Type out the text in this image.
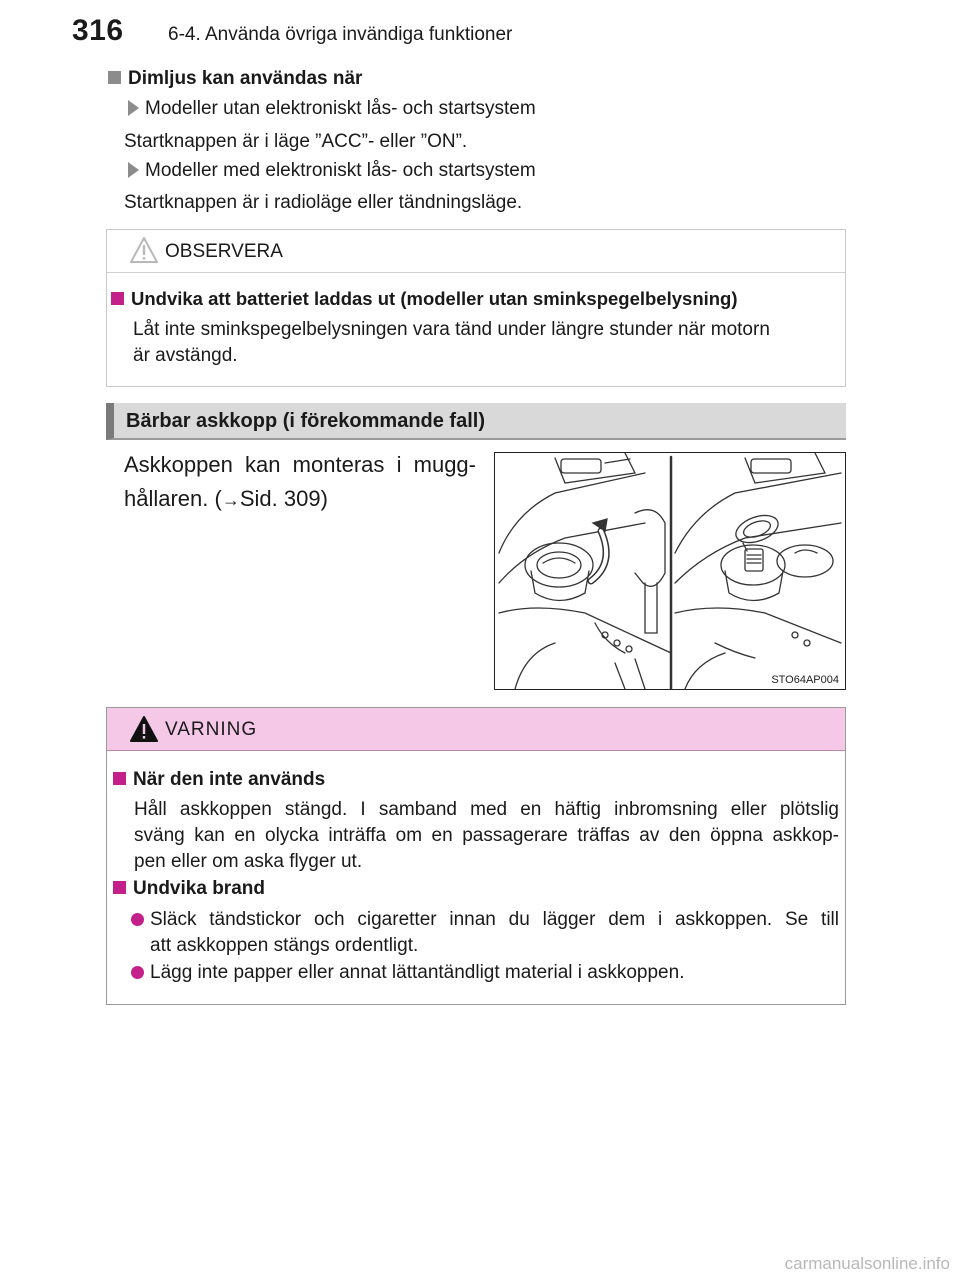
316 6-4. Använda övriga invändiga funktioner
Dimljus kan användas när
Modeller utan elektroniskt lås- och startsystem
Startknappen är i läge ”ACC”- eller ”ON”.
Modeller med elektroniskt lås- och startsystem
Startknappen är i radioläge eller tändningsläge.
OBSERVERA
Undvika att batteriet laddas ut (modeller utan sminkspegelbelysning)
Låt inte sminkspegelbelysningen vara tänd under längre stunder när motorn
är avstängd.
Bärbar askkopp (i förekommande fall)
Askkoppen kan monteras i mugg-
hållaren. (→Sid. 309)
STO64AP004
VARNING
När den inte används
Håll askkoppen stängd. I samband med en häftig inbromsning eller plötslig
sväng kan en olycka inträffa om en passagerare träffas av den öppna askkop-
pen eller om aska flyger ut.
Undvika brand
Släck tändstickor och cigaretter innan du lägger dem i askkoppen. Se till
att askkoppen stängs ordentligt.
Lägg inte papper eller annat lättantändligt material i askkoppen.
carmanualsonline.info
